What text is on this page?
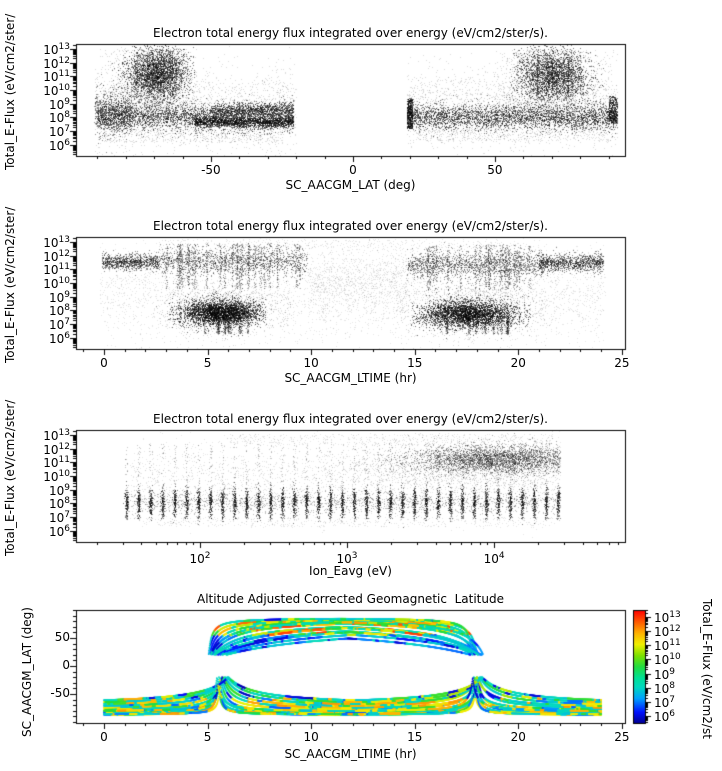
Electron total energy flux integrated over energy (eV/cm2/ster/s).
Electron total energy flux integrated over energy (eV/cm2/ster/s).
Electron total energy flux integrated over energy (eV/cm2/ster/s).
Altitude Adjusted Corrected Geomagnetic  Latitude
SC_AACGM_LAT (deg)
SC_AACGM_LTIME (hr)
Ion_Eavg (eV)
SC_AACGM_LTIME (hr)
Total_E-Flux (eV/cm2/ster/
Total_E-Flux (eV/cm2/ster/
Total_E-Flux (eV/cm2/ster/
SC_AACGM_LAT (deg)	Total_E-Flux (eV/cm2/st
$10^6$
$10^7$
$10^8$
$10^9$
$10^{10}$
$10^{11}$
$10^{12}$
$10^{13}$
$10^6$
$10^7$
$10^8$
$10^9$
$10^{10}$
$10^{11}$
$10^{12}$
$10^{13}$
-50	0	50
$10^6$
$10^7$
$10^8$
$10^9$
$10^{10}$
$10^{11}$
$10^{12}$
$10^{13}$
0	5	10	15	20	25
$10^6$
$10^7$
$10^8$
$10^9$
$10^{10}$
$10^{11}$
$10^{12}$
$10^{13}$
$10^2$	$10^3$	$10^4$
-50
0
50
0	5	10	15	20	25
